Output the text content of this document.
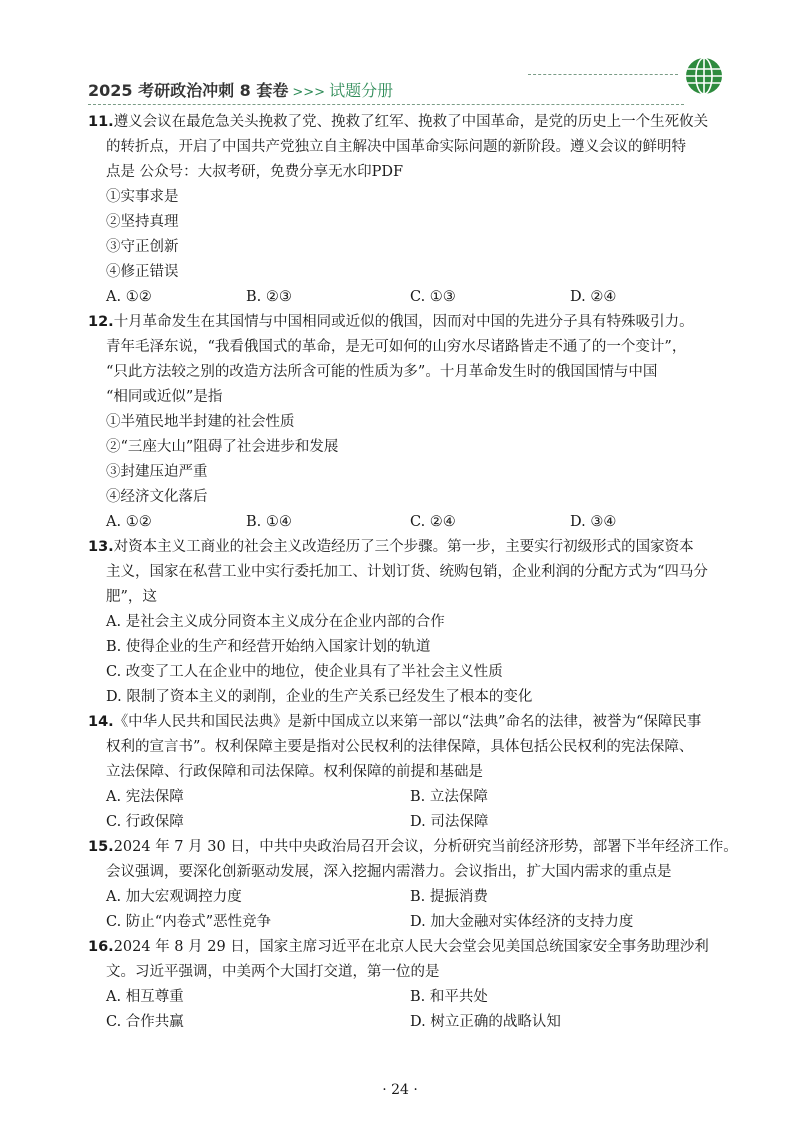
2025 考研政治冲刺 8 套卷 >>> 试题分册
11.遵义会议在最危急关头挽救了党、挽救了红军、挽救了中国革命，是党的历史上一个生死攸关
的转折点，开启了中国共产党独立自主解决中国革命实际问题的新阶段。遵义会议的鲜明特
点是 公众号：大叔考研，免费分享无水印PDF
①实事求是
②坚持真理
③守正创新
④修正错误
A. ①②	B. ②③	C. ①③	D. ②④
12.十月革命发生在其国情与中国相同或近似的俄国，因而对中国的先进分子具有特殊吸引力。
青年毛泽东说，“我看俄国式的革命，是无可如何的山穷水尽诸路皆走不通了的一个变计”，
“只此方法较之别的改造方法所含可能的性质为多”。十月革命发生时的俄国国情与中国
“相同或近似”是指
①半殖民地半封建的社会性质
②“三座大山”阻碍了社会进步和发展
③封建压迫严重
④经济文化落后
A. ①②	B. ①④	C. ②④	D. ③④
13.对资本主义工商业的社会主义改造经历了三个步骤。第一步，主要实行初级形式的国家资本
主义，国家在私营工业中实行委托加工、计划订货、统购包销，企业利润的分配方式为“四马分
肥”，这
A. 是社会主义成分同资本主义成分在企业内部的合作
B. 使得企业的生产和经营开始纳入国家计划的轨道
C. 改变了工人在企业中的地位，使企业具有了半社会主义性质
D. 限制了资本主义的剥削，企业的生产关系已经发生了根本的变化
14.《中华人民共和国民法典》是新中国成立以来第一部以“法典”命名的法律，被誉为“保障民事
权利的宣言书”。权利保障主要是指对公民权利的法律保障，具体包括公民权利的宪法保障、
立法保障、行政保障和司法保障。权利保障的前提和基础是
A. 宪法保障	B. 立法保障
C. 行政保障	D. 司法保障
15.2024 年 7 月 30 日，中共中央政治局召开会议，分析研究当前经济形势，部署下半年经济工作。
会议强调，要深化创新驱动发展，深入挖掘内需潜力。会议指出，扩大国内需求的重点是
A. 加大宏观调控力度	B. 提振消费
C. 防止“内卷式”恶性竞争	D. 加大金融对实体经济的支持力度
16.2024 年 8 月 29 日，国家主席习近平在北京人民大会堂会见美国总统国家安全事务助理沙利
文。习近平强调，中美两个大国打交道，第一位的是
A. 相互尊重	B. 和平共处
C. 合作共赢	D. 树立正确的战略认知
· 24 ·
